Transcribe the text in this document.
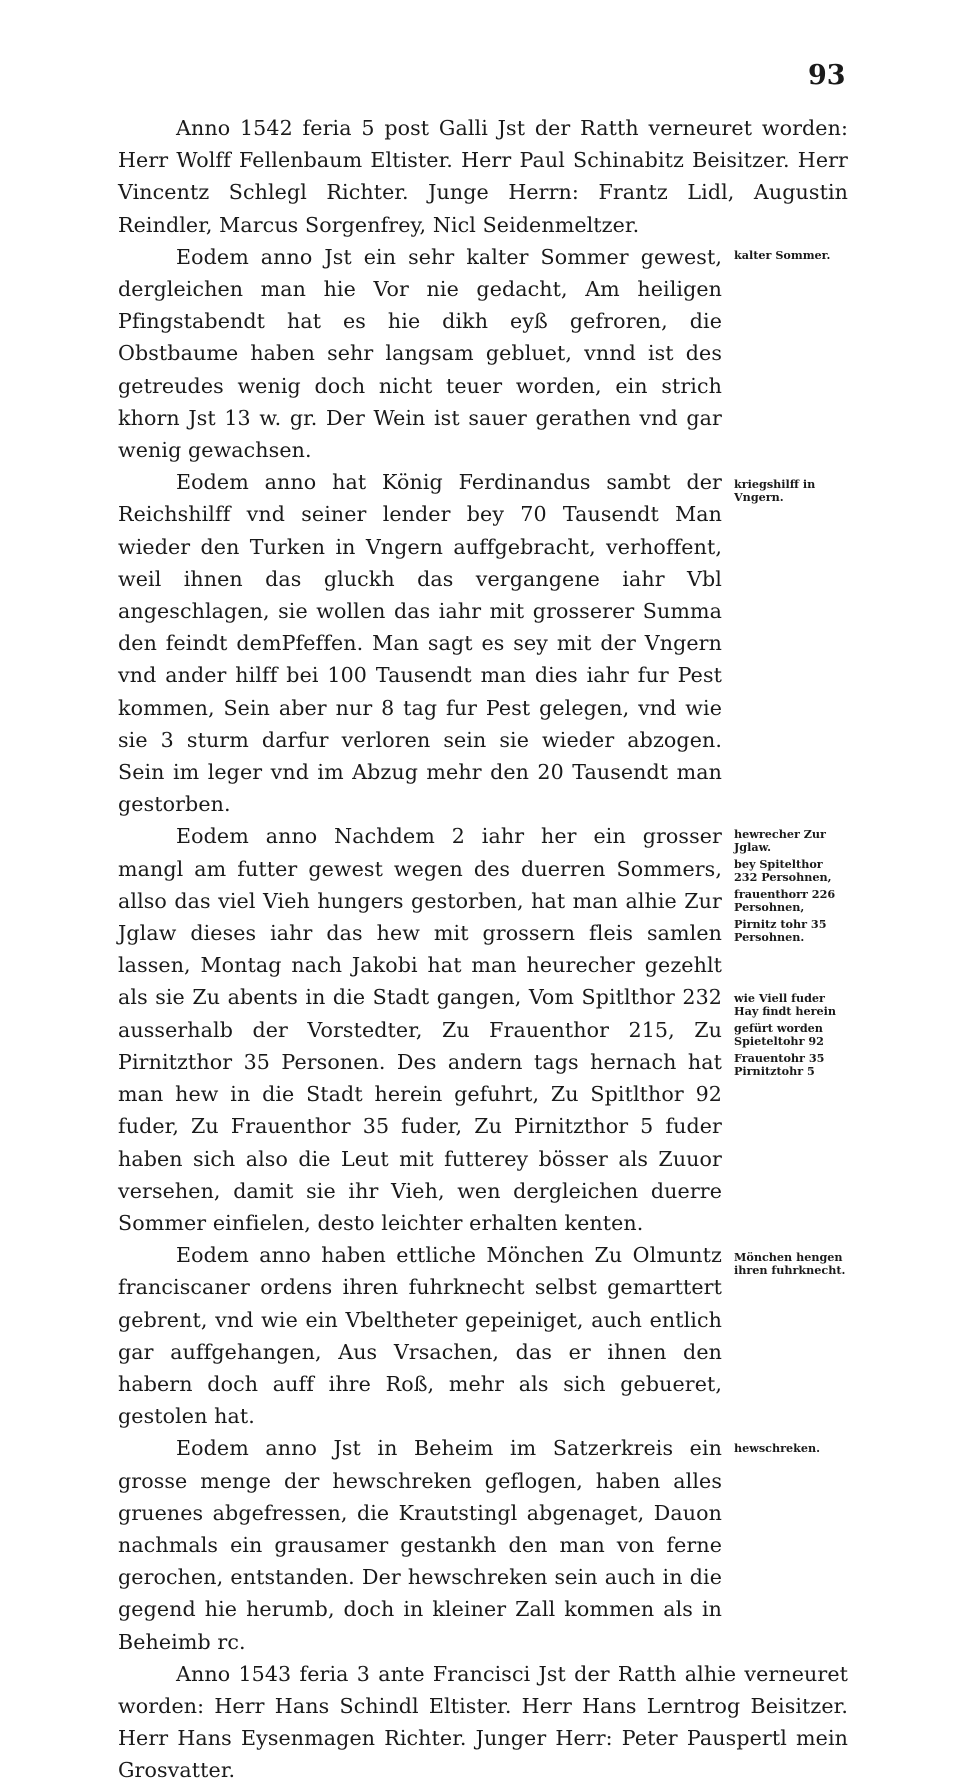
93

Anno 1542 feria 5 post Galli Jst der Ratth verneuret worden: Herr Wolff Fellenbaum Eltister. Herr Paul Schinabitz Beisitzer. Herr Vincentz Schlegl Richter. Junge Herrn: Frantz Lidl, Augustin Reindler, Marcus Sorgenfrey, Nicl Seidenmeltzer.

Eodem anno Jst ein sehr kalter Sommer gewest, dergleichen man hie Vor nie gedacht, Am heiligen Pfingstabendt hat es hie dikh eyß gefroren, die Obstbaume haben sehr langsam gebluet, vnnd ist des getreudes wenig doch nicht teuer worden, ein strich khorn Jst 13 w. gr. Der Wein ist sauer gerathen vnd gar wenig gewachsen.

kalter Sommer.

Eodem anno hat König Ferdinandus sambt der Reichshilff vnd seiner lender bey 70 Tausendt Man wieder den Turken in Vngern auffgebracht, verhoffent, weil ihnen das gluckh das vergangene iahr Vbl angeschlagen, sie wollen das iahr mit grosserer Summa den feindt demPfeffen. Man sagt es sey mit der Vngern vnd ander hilff bei 100 Tausendt man dies iahr fur Pest kommen, Sein aber nur 8 tag fur Pest gelegen, vnd wie sie 3 sturm darfur verloren sein sie wieder abzogen. Sein im leger vnd im Abzug mehr den 20 Tausendt man gestorben.

kriegshilff in Vngern.

Eodem anno Nachdem 2 iahr her ein grosser mangl am futter gewest wegen des duerren Sommers, allso das viel Vieh hungers gestorben, hat man alhie Zur Jglaw dieses iahr das hew mit grossern fleis samlen lassen, Montag nach Jakobi hat man heurecher gezehlt als sie Zu abents in die Stadt gangen, Vom Spitlthor 232 ausserhalb der Vorstedter, Zu Frauenthor 215, Zu Pirnitzthor 35 Personen. Des andern tags hernach hat man hew in die Stadt herein gefuhrt, Zu Spitlthor 92 fuder, Zu Frauenthor 35 fuder, Zu Pirnitzthor 5 fuder haben sich also die Leut mit futterey bösser als Zuuor versehen, damit sie ihr Vieh, wen dergleichen duerre Sommer einfielen, desto leichter erhalten kenten.

hewrecher Zur Jglaw.
bey Spitelthor 232 Persohnen,
frauenthorr 226 Persohnen,
Pirnitz tohr 35 Persohnen.
wie Viell fuder Hay findt herein
gefürt worden Spieteltohr 92
Frauentohr 35 Pirnitztohr 5

Eodem anno haben ettliche Mönchen Zu Olmuntz franciscaner ordens ihren fuhrknecht selbst gemarttert gebrent, vnd wie ein Vbeltheter gepeiniget, auch entlich gar auffgehangen, Aus Vrsachen, das er ihnen den habern doch auff ihre Roß, mehr als sich gebueret, gestolen hat.

Mönchen hengen ihren fuhrknecht.

Eodem anno Jst in Beheim im Satzerkreis ein grosse menge der hewschreken geflogen, haben alles gruenes abgefressen, die Krautstingl abgenaget, Dauon nachmals ein grausamer gestankh den man von ferne gerochen, entstanden. Der hewschreken sein auch in die gegend hie herumb, doch in kleiner Zall kommen als in Beheimb rc.

hewschreken.

Anno 1543 feria 3 ante Francisci Jst der Ratth alhie verneuret worden: Herr Hans Schindl Eltister. Herr Hans Lerntrog Beisitzer. Herr Hans Eysenmagen Richter. Junger Herr: Peter Pauspertl mein Grosvatter.
